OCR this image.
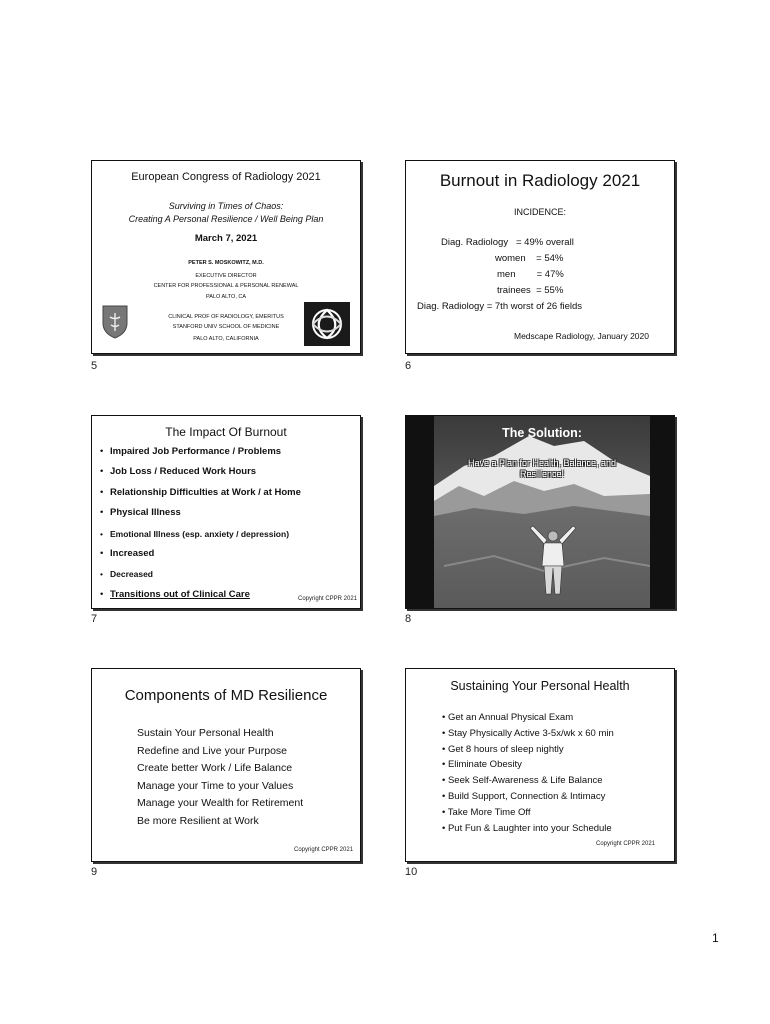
European Congress of Radiology 2021
Surviving in Times of Chaos:
Creating A Personal Resilience / Well Being Plan
March 7, 2021
PETER S. MOSKOWITZ, M.D.
EXECUTIVE DIRECTOR
CENTER FOR PROFESSIONAL & PERSONAL RENEWAL
PALO ALTO, CA
CLINICAL PROF OF RADIOLOGY, EMERITUS
STANFORD UNIV SCHOOL OF MEDICINE
PALO ALTO, CALIFORNIA
5
Burnout in Radiology 2021
INCIDENCE:
Diag. Radiology   = 49% overall
women    = 54%
men        = 47%
trainees  = 55%
Diag. Radiology = 7th worst of 26 fields
Medscape Radiology, January 2020
6
The Impact Of Burnout
• Impaired Job Performance / Problems
• Job Loss / Reduced Work Hours
• Relationship Difficulties at Work / at Home
• Physical Illness
• Emotional Illness (esp. anxiety / depression)
• Increased
• Decreased
• Transitions out of Clinical Care	Copyright CPPR 2021
7
The Solution:
Have a Plan for Health, Balance, and Resilience!
8
Components of MD Resilience
Sustain Your Personal Health
Redefine and Live your Purpose
Create better Work / Life Balance
Manage your Time to your Values
Manage your Wealth for Retirement
Be more Resilient at Work
Copyright CPPR 2021
9
Sustaining Your Personal Health
• Get an Annual Physical Exam
• Stay Physically Active 3-5x/wk x 60 min
• Get 8 hours of sleep nightly
• Eliminate Obesity
• Seek Self-Awareness & Life Balance
• Build Support, Connection & Intimacy
• Take More Time Off
• Put Fun & Laughter into your Schedule
Copyright CPPR 2021
10
1
